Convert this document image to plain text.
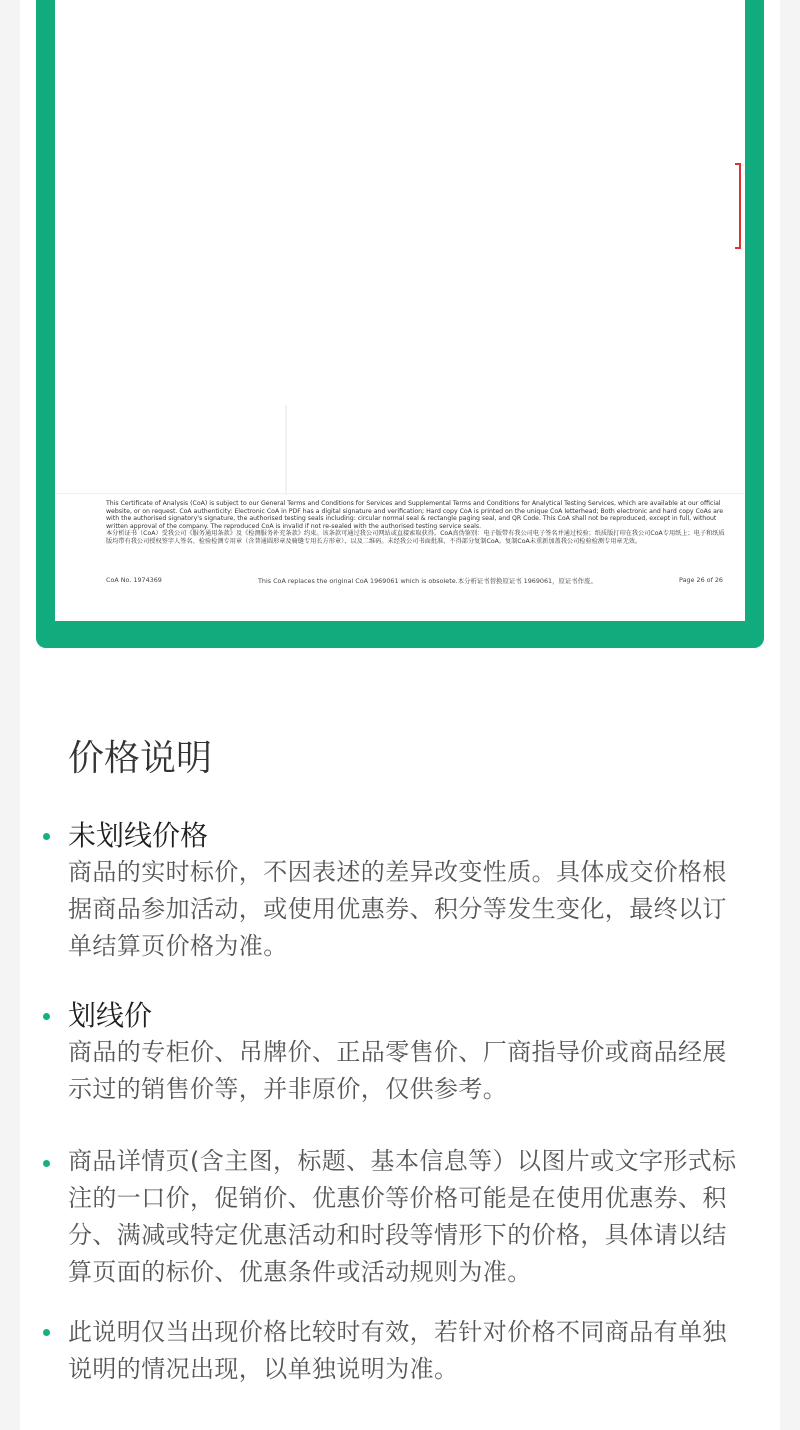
This Certificate of Analysis (CoA) is subject to our General Terms and Conditions for Services and Supplemental Terms and Conditions for Analytical Testing Services, which are available at our official website, or on request. CoA authenticity: Electronic CoA in PDF has a digital signature and verification; Hard copy CoA is printed on the unique CoA letterhead; Both electronic and hard copy CoAs are with the authorised signatory's signature, the authorised testing seals including: circular normal seal & rectangle paging seal, and QR Code. This CoA shall not be reproduced, except in full, without written approval of the company. The reproduced CoA is invalid if not re-sealed with the authorised testing service seals.

本分析证书（CoA）受我公司《服务通用条款》及《检测服务补充条款》约束。该条款可通过我公司网站或直接索取获得。CoA真伪鉴别：电子版带有我公司电子签名并通过校验；纸质版打印在我公司CoA专用纸上；电子和纸质版均带有我公司授权签字人签名、检验检测专用章（含普通圆形章及骑缝专用长方形章），以及二维码。未经我公司书面批准，不得部分复制CoA。复制CoA未重新加盖我公司检验检测专用章无效。

CoA No. 1974369	This CoA replaces the original CoA 1969061 which is obsolete.本分析证书替换原证书 1969061，原证书作废。	Page 26 of 26
价格说明
未划线价格

商品的实时标价，不因表述的差异改变性质。具体成交价格根据商品参加活动，或使用优惠券、积分等发生变化，最终以订单结算页价格为准。

划线价

商品的专柜价、吊牌价、正品零售价、厂商指导价或商品经展示过的销售价等，并非原价，仅供参考。

商品详情页(含主图，标题、基本信息等）以图片或文字形式标注的一口价，促销价、优惠价等价格可能是在使用优惠券、积分、满减或特定优惠活动和时段等情形下的价格，具体请以结算页面的标价、优惠条件或活动规则为准。

此说明仅当出现价格比较时有效，若针对价格不同商品有单独说明的情况出现，以单独说明为准。
